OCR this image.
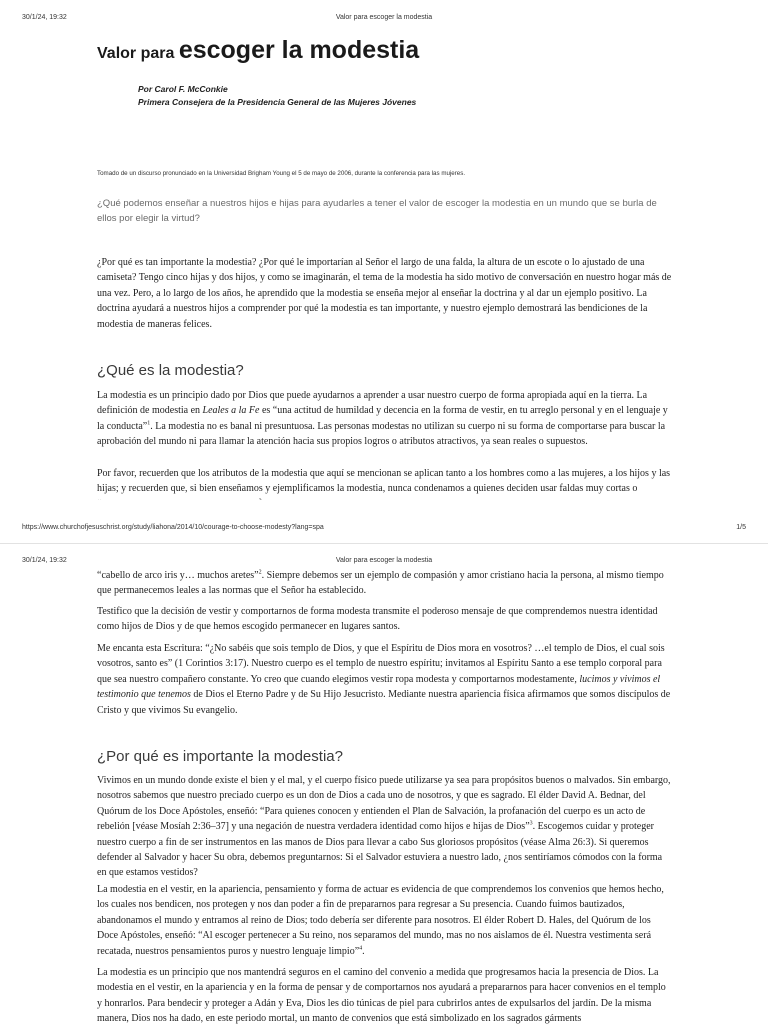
30/1/24, 19:32	Valor para escoger la modestia
Valor para escoger la modestia
Por Carol F. McConkie
Primera Consejera de la Presidencia General de las Mujeres Jóvenes
Tomado de un discurso pronunciado en la Universidad Brigham Young el 5 de mayo de 2006, durante la conferencia para las mujeres.
¿Qué podemos enseñar a nuestros hijos e hijas para ayudarles a tener el valor de escoger la modestia en un mundo que se burla de ellos por elegir la virtud?

¿Por qué es tan importante la modestia? ¿Por qué le importarían al Señor el largo de una falda, la altura de un escote o lo ajustado de una camiseta? Tengo cinco hijas y dos hijos, y como se imaginarán, el tema de la modestia ha sido motivo de conversación en nuestro hogar más de una vez. Pero, a lo largo de los años, he aprendido que la modestia se enseña mejor al enseñar la doctrina y al dar un ejemplo positivo. La doctrina ayudará a nuestros hijos a comprender por qué la modestia es tan importante, y nuestro ejemplo demostrará las bendiciones de la modestia de maneras felices.

¿Qué es la modestia?

La modestia es un principio dado por Dios que puede ayudarnos a aprender a usar nuestro cuerpo de forma apropiada aquí en la tierra. La definición de modestia en Leales a la Fe es “una actitud de humildad y decencia en la forma de vestir, en tu arreglo personal y en el lenguaje y la conducta”$^1$. La modestia no es banal ni presuntuosa. Las personas modestas no utilizan su cuerpo ni su forma de comportarse para buscar la aprobación del mundo ni para llamar la atención hacia sus propios logros o atributos atractivos, ya sean reales o supuestos.

Por favor, recuerden que los atributos de la modestia que aquí se mencionan se aplican tanto a los hombres como a las mujeres, a los hijos y las hijas; y recuerden que, si bien enseñamos y ejemplificamos la modestia, nunca condenamos a quienes deciden usar faldas muy cortas o

https://www.churchofjesuschrist.org/study/liahona/2014/10/courage-to-choose-modesty?lang=spa	1/5
30/1/24, 19:32	Valor para escoger la modestia

“cabello de arco iris y… muchos aretes”$^2$. Siempre debemos ser un ejemplo de compasión y amor cristiano hacia la persona, al mismo tiempo que permanecemos leales a las normas que el Señor ha establecido.

Testifico que la decisión de vestir y comportarnos de forma modesta transmite el poderoso mensaje de que comprendemos nuestra identidad como hijos de Dios y de que hemos escogido permanecer en lugares santos.

Me encanta esta Escritura: “¿No sabéis que sois templo de Dios, y que el Espíritu de Dios mora en vosotros? …el templo de Dios, el cual sois vosotros, santo es” (1 Corintios 3:17). Nuestro cuerpo es el templo de nuestro espíritu; invitamos al Espíritu Santo a ese templo corporal para que sea nuestro compañero constante. Yo creo que cuando elegimos vestir ropa modesta y comportarnos modestamente, lucimos y vivimos el testimonio que tenemos de Dios el Eterno Padre y de Su Hijo Jesucristo. Mediante nuestra apariencia física afirmamos que somos discípulos de Cristo y que vivimos Su evangelio.

¿Por qué es importante la modestia?

Vivimos en un mundo donde existe el bien y el mal, y el cuerpo físico puede utilizarse ya sea para propósitos buenos o malvados. Sin embargo, nosotros sabemos que nuestro preciado cuerpo es un don de Dios a cada uno de nosotros, y que es sagrado. El élder David A. Bednar, del Quórum de los Doce Apóstoles, enseñó: “Para quienes conocen y entienden el Plan de Salvación, la profanación del cuerpo es un acto de rebelión [véase Mosíah 2:36–37] y una negación de nuestra verdadera identidad como hijos e hijas de Dios”$^3$. Escogemos cuidar y proteger nuestro cuerpo a fin de ser instrumentos en las manos de Dios para llevar a cabo Sus gloriosos propósitos (véase Alma 26:3). Si queremos defender al Salvador y hacer Su obra, debemos preguntarnos: Si el Salvador estuviera a nuestro lado, ¿nos sentiríamos cómodos con la forma en que estamos vestidos?

La modestia en el vestir, en la apariencia, pensamiento y forma de actuar es evidencia de que comprendemos los convenios que hemos hecho, los cuales nos bendicen, nos protegen y nos dan poder a fin de prepararnos para regresar a Su presencia. Cuando fuimos bautizados, abandonamos el mundo y entramos al reino de Dios; todo debería ser diferente para nosotros. El élder Robert D. Hales, del Quórum de los Doce Apóstoles, enseñó: “Al escoger pertenecer a Su reino, nos separamos del mundo, mas no nos aislamos de él. Nuestra vestimenta será recatada, nuestros pensamientos puros y nuestro lenguaje limpio”$^4$.

La modestia es un principio que nos mantendrá seguros en el camino del convenio a medida que progresamos hacia la presencia de Dios. La modestia en el vestir, en la apariencia y en la forma de pensar y de comportarnos nos ayudará a prepararnos para hacer convenios en el templo y honrarlos. Para bendecir y proteger a Adán y Eva, Dios les dio túnicas de piel para cubrirlos antes de expulsarlos del jardín. De la misma manera, Dios nos ha dado, en este periodo mortal, un manto de convenios que está simbolizado en los sagrados gárments
